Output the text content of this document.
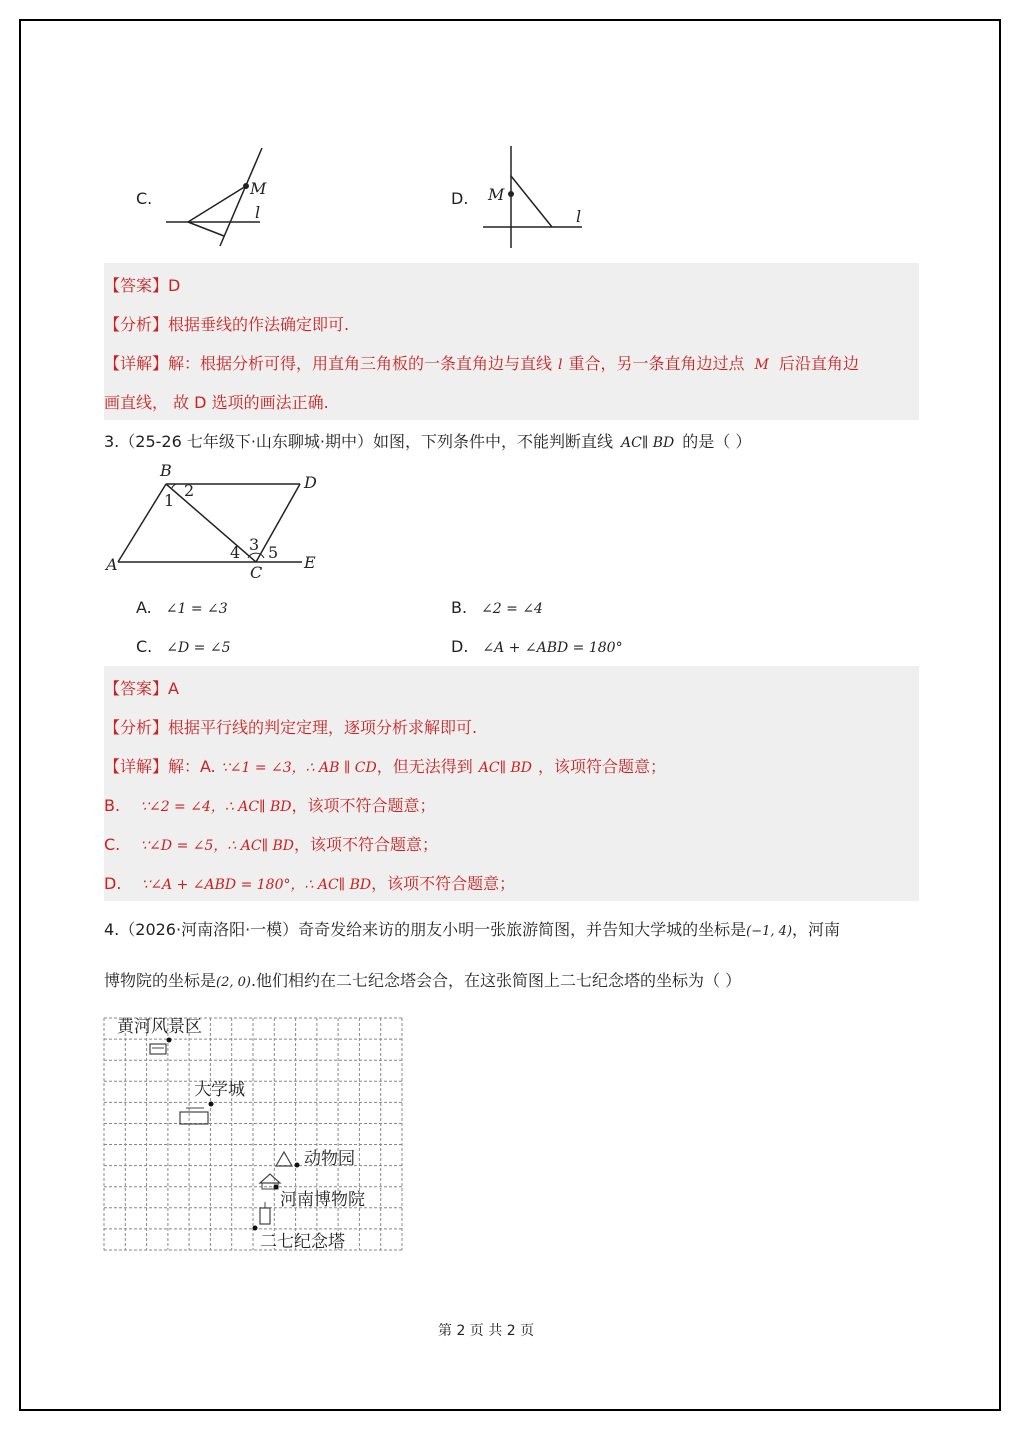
C.
M
l
D. M
l
【答案】D
【分析】根据垂线的作法确定即可.
【详解】解：根据分析可得，用直角三角板的一条直角边与直线 l 重合，另一条直角边过点 M 后沿直角边
画直线， 故 D 选项的画法正确.
3.（25-26 七年级下·山东聊城·期中）如图，下列条件中，不能判断直线 AC∥ BD 的是（ ）
B
D
A	C
E
1
2
3
4 5
A. ∠1 = ∠3	B. ∠2 = ∠4
C. ∠D = ∠5	D. ∠A + ∠ABD = 180°
【答案】A
【分析】根据平行线的判定定理，逐项分析求解即可.
【详解】解：A. ∵∠1 = ∠3，∴ AB ∥ CD，但无法得到 AC∥ BD ，该项符合题意；
B. ∵∠2 = ∠4，∴ AC∥ BD，该项不符合题意；
C. ∵∠D = ∠5，∴ AC∥ BD，该项不符合题意；
D. ∵∠A + ∠ABD = 180°，∴ AC∥ BD，该项不符合题意；
4.（2026·河南洛阳·一模）奇奇发给来访的朋友小明一张旅游简图，并告知大学城的坐标是(−1, 4)，河南
博物院的坐标是(2, 0).他们相约在二七纪念塔会合，在这张简图上二七纪念塔的坐标为（ ）
黄河风景区
大学城
动物园
河南博物院
二七纪念塔
第 2 页 共 2 页
